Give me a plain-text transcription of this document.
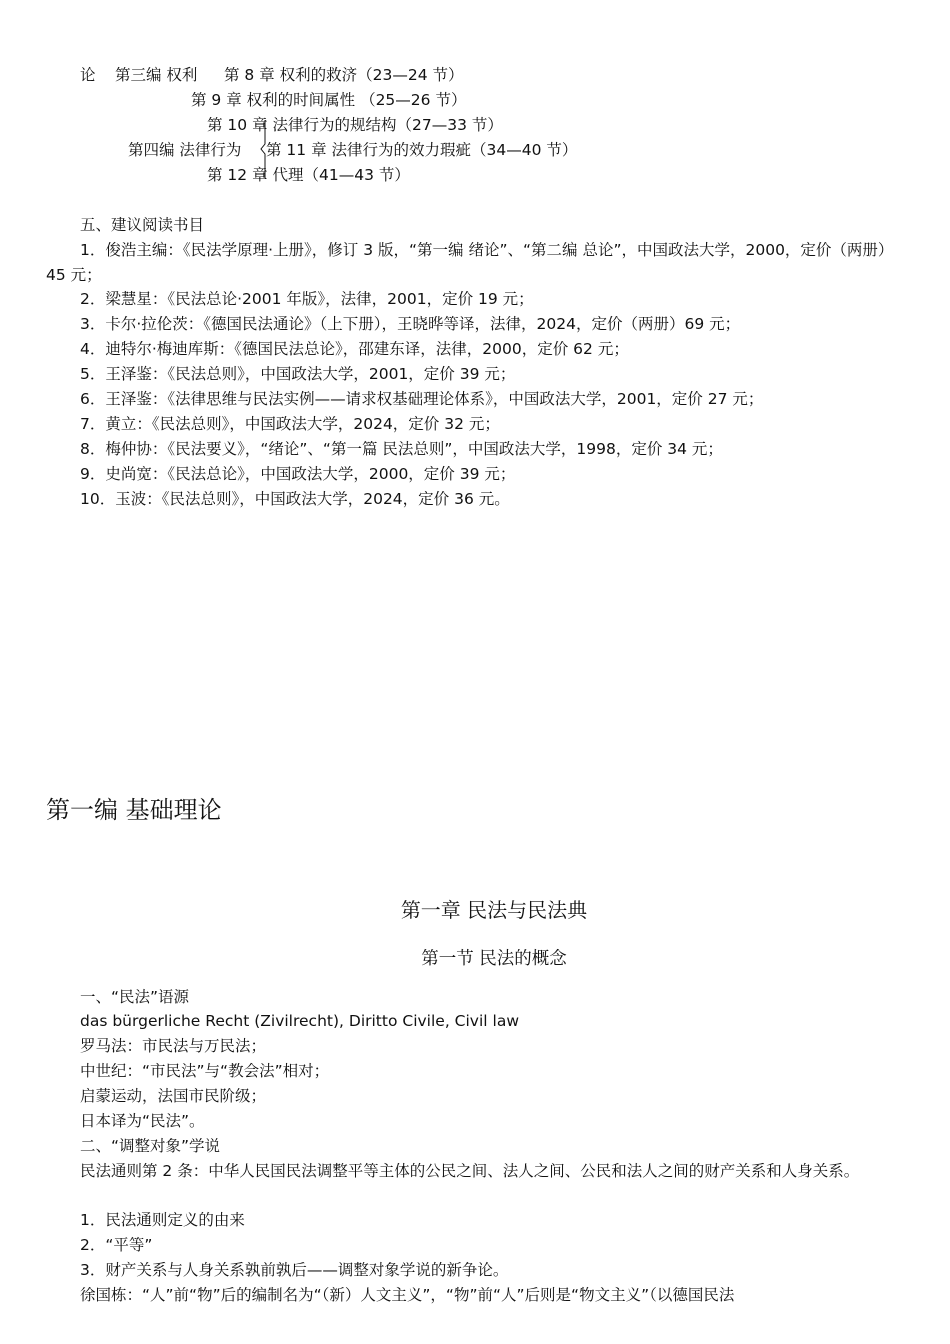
论 第三编 权利 第 8 章 权利的救济（23—24 节）
第 9 章 权利的时间属性 （25—26 节）
第 10 章 法律行为的规结构（27—33 节）
第四编 法律行为 第 11 章 法律行为的效力瑕疵（34—40 节）
第 12 章 代理（41—43 节）
五、建议阅读书目
1．俊浩主编：《民法学原理·上册》，修订 3 版，“第一编 绪论”、“第二编 总论”，中国政法大学，2000，定价（两册）45 元；
2．梁慧星：《民法总论·2001 年版》，法律，2001，定价 19 元；
3．卡尔·拉伦茨：《德国民法通论》（上下册），王晓晔等译，法律，2024，定价（两册）69 元；
4．迪特尔·梅迪库斯：《德国民法总论》，邵建东译，法律，2000，定价 62 元；
5．王泽鉴：《民法总则》，中国政法大学，2001，定价 39 元；
6．王泽鉴：《法律思维与民法实例——请求权基础理论体系》，中国政法大学，2001，定价 27 元；
7．黄立：《民法总则》，中国政法大学，2024，定价 32 元；
8．梅仲协：《民法要义》，“绪论”、“第一篇 民法总则”，中国政法大学，1998，定价 34 元；
9．史尚宽：《民法总论》，中国政法大学，2000，定价 39 元；
10．玉波：《民法总则》，中国政法大学，2024，定价 36 元。
第一编 基础理论
第一章 民法与民法典
第一节 民法的概念
一、“民法”语源
das bürgerliche Recht (Zivilrecht), Diritto Civile, Civil law
罗马法：市民法与万民法；
中世纪：“市民法”与“教会法”相对；
启蒙运动，法国市民阶级；
日本译为“民法”。
二、“调整对象”学说
民法通则第 2 条：中华人民国民法调整平等主体的公民之间、法人之间、公民和法人之间的财产关系和人身关系。
1．民法通则定义的由来
2．“平等”
3．财产关系与人身关系孰前孰后——调整对象学说的新争论。
徐国栋：“人”前“物”后的编制名为“（新）人文主义”，“物”前“人”后则是“物文主义”（以德国民法
